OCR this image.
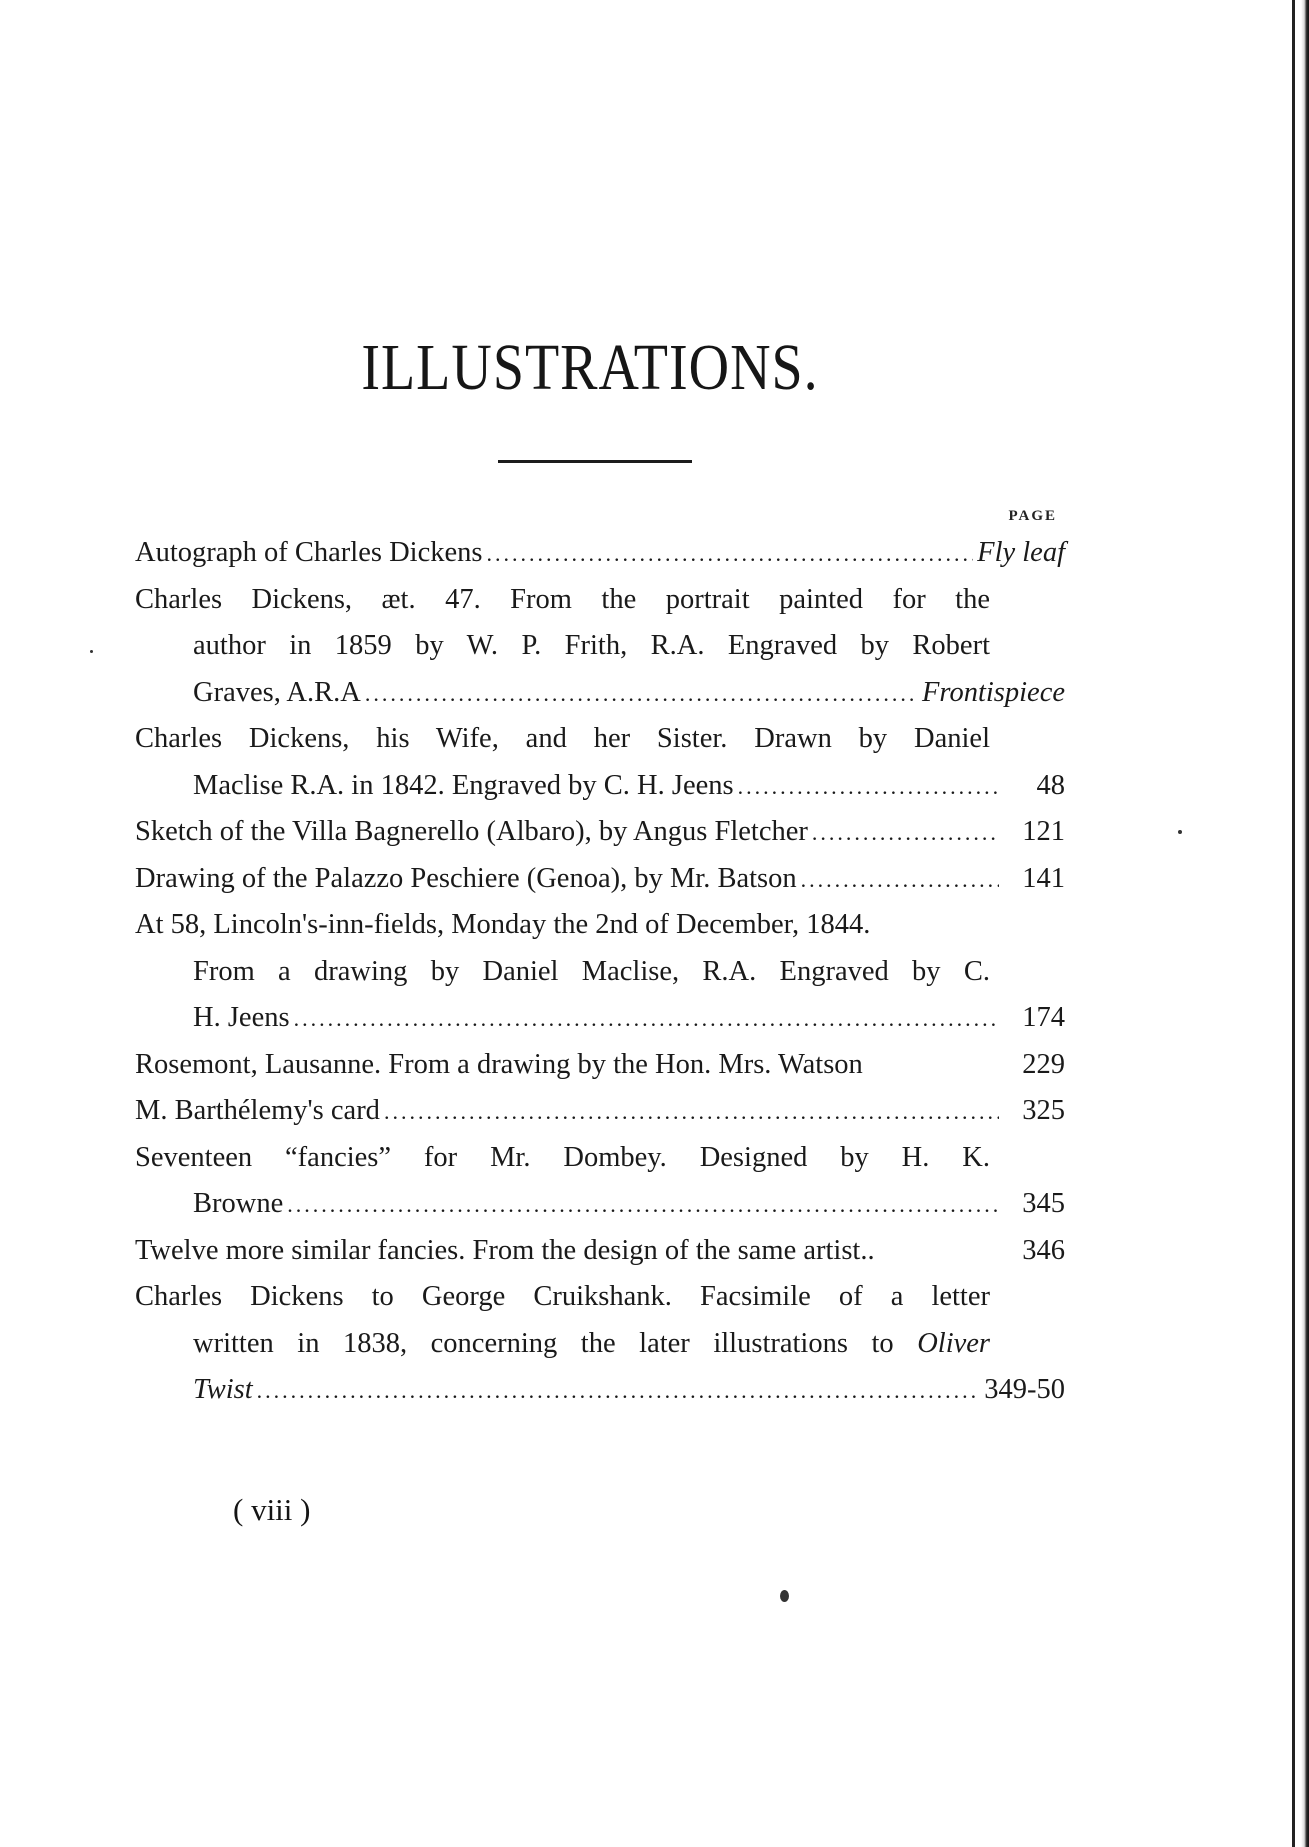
ILLUSTRATIONS.
PAGE
Autograph of Charles Dickens .....	Fly leaf
Charles Dickens, æt. 47. From the portrait painted for the
author in 1859 by W. P. Frith, R.A. Engraved by Robert
Graves, A.R.A .....	Frontispiece
Charles Dickens, his Wife, and her Sister. Drawn by Daniel
Maclise R.A. in 1842. Engraved by C. H. Jeens .....	48
Sketch of the Villa Bagnerello (Albaro), by Angus Fletcher .....	121
Drawing of the Palazzo Peschiere (Genoa), by Mr. Batson .....	141
At 58, Lincoln's-inn-fields, Monday the 2nd of December, 1844.
From a drawing by Daniel Maclise, R.A. Engraved by C.
H. Jeens .....	174
Rosemont, Lausanne. From a drawing by the Hon. Mrs. Watson	229
M. Barthélemy's card .....	325
Seventeen “fancies” for Mr. Dombey. Designed by H. K.
Browne .....	345
Twelve more similar fancies. From the design of the same artist..	346
Charles Dickens to George Cruikshank. Facsimile of a letter
written in 1838, concerning the later illustrations to Oliver
Twist .....	349-50
( viii )
